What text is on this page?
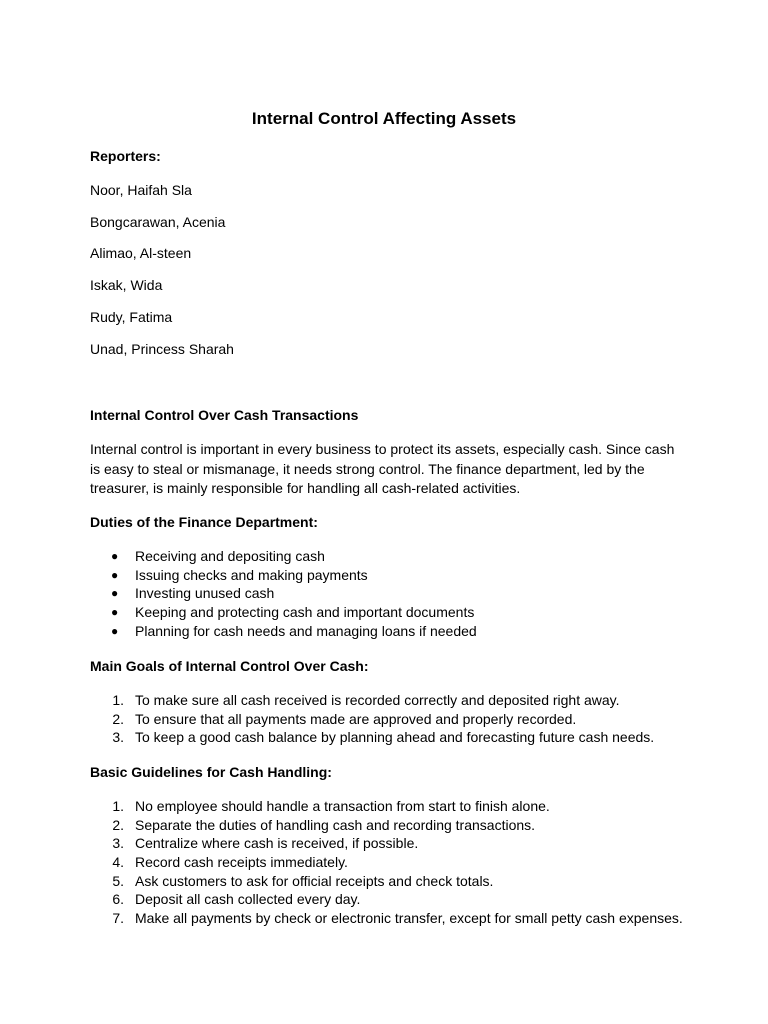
Internal Control Affecting Assets

Reporters:

Noor, Haifah Sla

Bongcarawan, Acenia

Alimao, Al-steen

Iskak, Wida

Rudy, Fatima

Unad, Princess Sharah

Internal Control Over Cash Transactions

Internal control is important in every business to protect its assets, especially cash. Since cash is easy to steal or mismanage, it needs strong control. The finance department, led by the treasurer, is mainly responsible for handling all cash-related activities.

Duties of the Finance Department:

● Receiving and depositing cash
● Issuing checks and making payments
● Investing unused cash
● Keeping and protecting cash and important documents
● Planning for cash needs and managing loans if needed

Main Goals of Internal Control Over Cash:

1. To make sure all cash received is recorded correctly and deposited right away.
2. To ensure that all payments made are approved and properly recorded.
3. To keep a good cash balance by planning ahead and forecasting future cash needs.

Basic Guidelines for Cash Handling:

1. No employee should handle a transaction from start to finish alone.
2. Separate the duties of handling cash and recording transactions.
3. Centralize where cash is received, if possible.
4. Record cash receipts immediately.
5. Ask customers to ask for official receipts and check totals.
6. Deposit all cash collected every day.
7. Make all payments by check or electronic transfer, except for small petty cash expenses.
